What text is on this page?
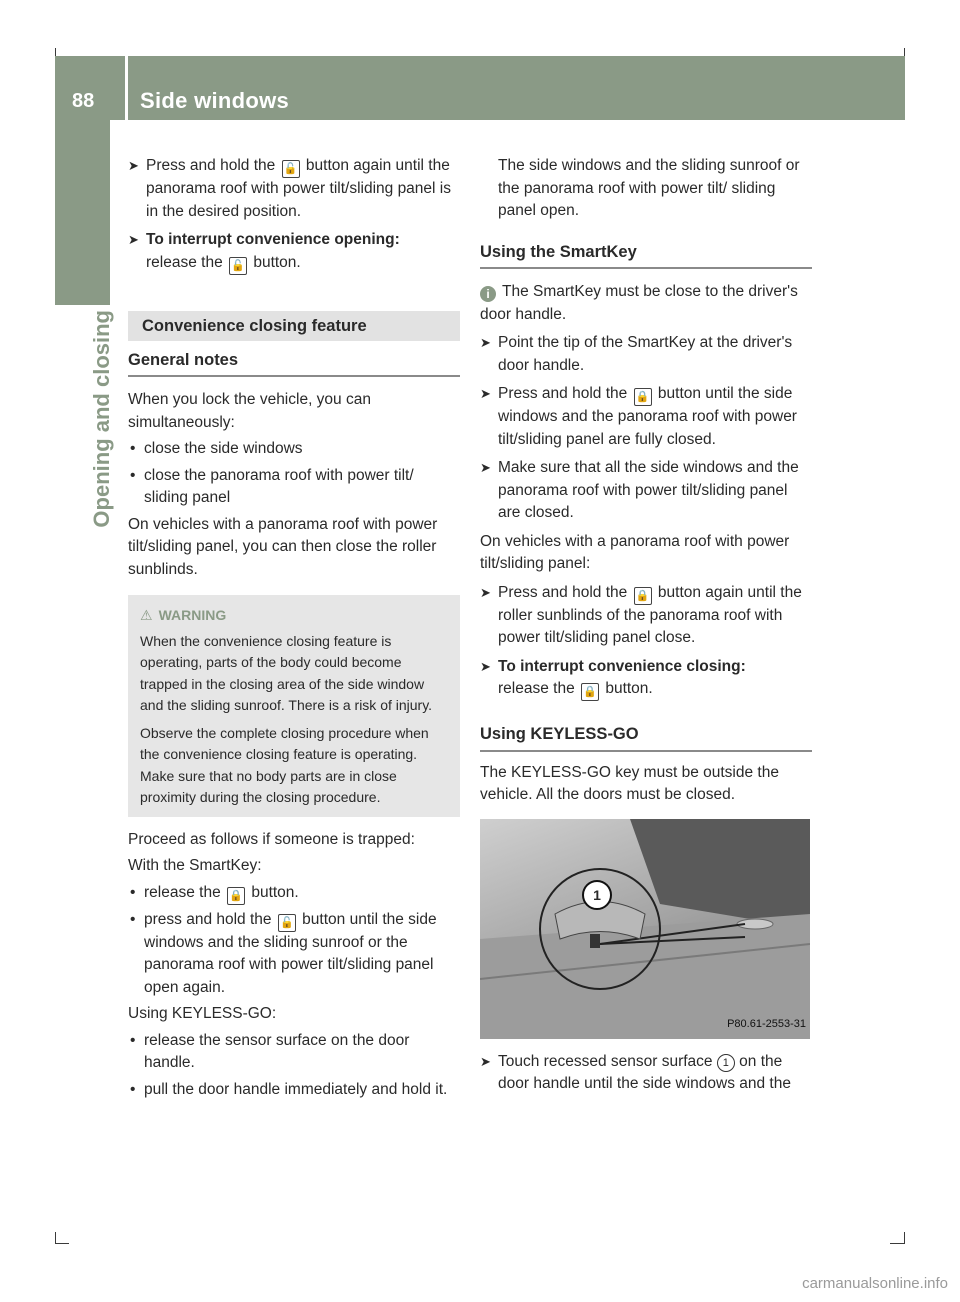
88 Side windows
Opening and closing
➤ Press and hold the 🔓 button again until the panorama roof with power tilt/sliding panel is in the desired position.
➤ To interrupt convenience opening:
release the 🔓 button.
Convenience closing feature
General notes

When you lock the vehicle, you can simultaneously:

• close the side windows
• close the panorama roof with power tilt/ sliding panel

On vehicles with a panorama roof with power tilt/sliding panel, you can then close the roller sunblinds.

⚠ WARNING

When the convenience closing feature is operating, parts of the body could become trapped in the closing area of the side window and the sliding sunroof. There is a risk of injury.

Observe the complete closing procedure when the convenience closing feature is operating. Make sure that no body parts are in close proximity during the closing procedure.

Proceed as follows if someone is trapped:

With the SmartKey:

• release the 🔒 button.
• press and hold the 🔓 button until the side windows and the sliding sunroof or the panorama roof with power tilt/sliding panel open again.

Using KEYLESS-GO:

• release the sensor surface on the door handle.
• pull the door handle immediately and hold it.

The side windows and the sliding sunroof or the panorama roof with power tilt/ sliding panel open.

Using the SmartKey
i The SmartKey must be close to the driver's door handle.
➤ Point the tip of the SmartKey at the driver's door handle.
➤ Press and hold the 🔒 button until the side windows and the panorama roof with power tilt/sliding panel are fully closed.
➤ Make sure that all the side windows and the panorama roof with power tilt/sliding panel are closed.

On vehicles with a panorama roof with power tilt/sliding panel:

➤ Press and hold the 🔒 button again until the roller sunblinds of the panorama roof with power tilt/sliding panel close.
➤ To interrupt convenience closing:
release the 🔒 button.
Using KEYLESS-GO

The KEYLESS-GO key must be outside the vehicle. All the doors must be closed.

1
P80.61-2553-31
➤ Touch recessed sensor surface 1 on the door handle until the side windows and the
carmanualsonline.info
